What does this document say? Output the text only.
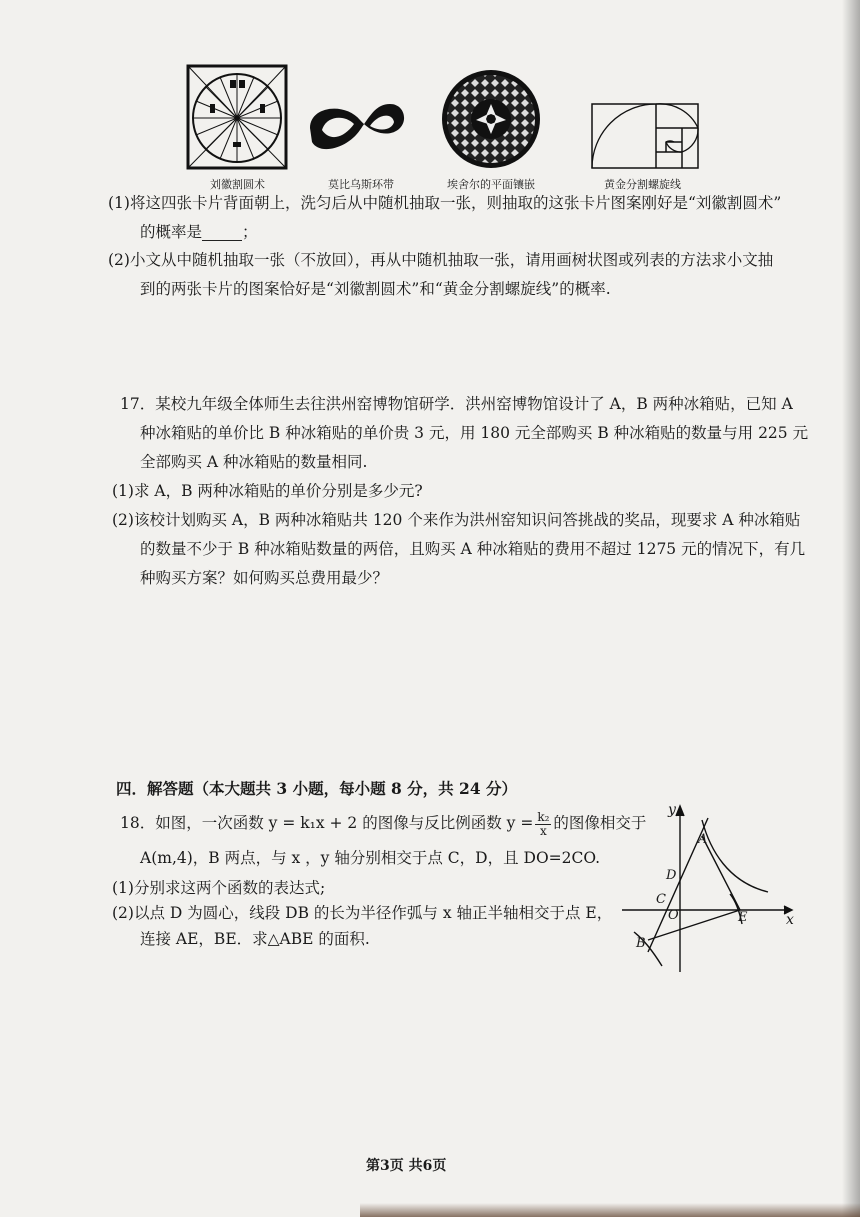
刘徽割圆术	莫比乌斯环带	埃舍尔的平面镶嵌	黄金分割螺旋线
(1)将这四张卡片背面朝上，洗匀后从中随机抽取一张，则抽取的这张卡片图案刚好是“刘徽割圆术”
的概率是	；
(2)小文从中随机抽取一张（不放回），再从中随机抽取一张，请用画树状图或列表的方法求小文抽
到的两张卡片的图案恰好是“刘徽割圆术”和“黄金分割螺旋线”的概率.
17．某校九年级全体师生去往洪州窑博物馆研学．洪州窑博物馆设计了 A，B 两种冰箱贴，已知 A
种冰箱贴的单价比 B 种冰箱贴的单价贵 3 元，用 180 元全部购买 B 种冰箱贴的数量与用 225 元
全部购买 A 种冰箱贴的数量相同.
(1)求 A，B 两种冰箱贴的单价分别是多少元?
(2)该校计划购买 A，B 两种冰箱贴共 120 个来作为洪州窑知识问答挑战的奖品，现要求 A 种冰箱贴
的数量不少于 B 种冰箱贴数量的两倍，且购买 A 种冰箱贴的费用不超过 1275 元的情况下，有几
种购买方案？如何购买总费用最少？
四．解答题（本大题共 3 小题，每小题 8 分，共 24 分）
18．如图，一次函数 y = k₁x + 2 的图像与反比例函数 $y = \frac{\text{k₂}}{x}$ 的图像相交于
A(m,4)，B 两点，与 x ，y 轴分别相交于点 C，D，且 DO=2CO.
(1)分别求这两个函数的表达式;
(2)以点 D 为圆心，线段 DB 的长为半径作弧与 x 轴正半轴相交于点 E，
连接 AE，BE．求△ABE 的面积.
y
x
A
D
C
O	E
B
第3页 共6页
